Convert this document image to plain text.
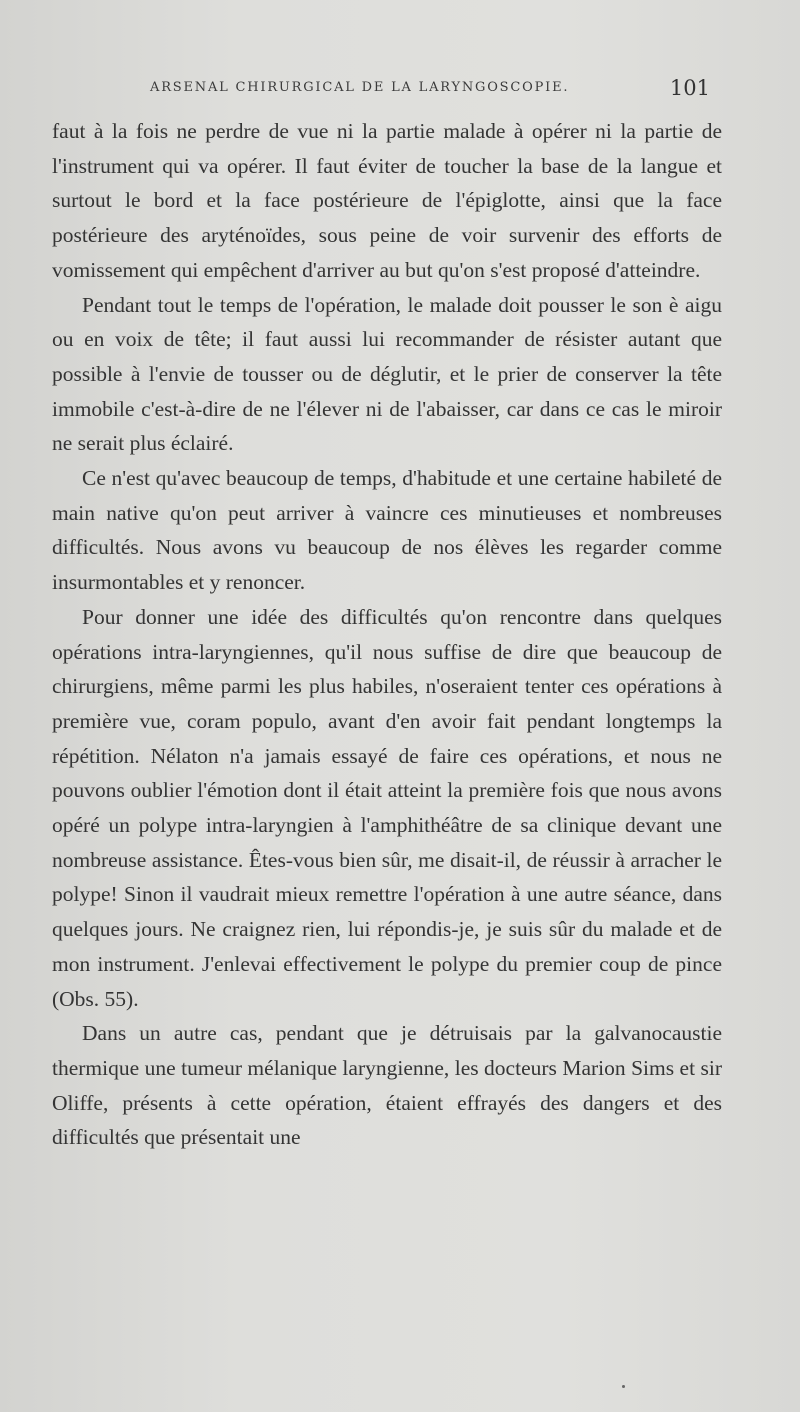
ARSENAL CHIRURGICAL DE LA LARYNGOSCOPIE.	101

faut à la fois ne perdre de vue ni la partie malade à opérer ni la partie de l'instrument qui va opérer. Il faut éviter de toucher la base de la langue et surtout le bord et la face postérieure de l'épiglotte, ainsi que la face postérieure des aryténoïdes, sous peine de voir survenir des efforts de vomissement qui empêchent d'arriver au but qu'on s'est proposé d'atteindre.

Pendant tout le temps de l'opération, le malade doit pousser le son è aigu ou en voix de tête; il faut aussi lui recommander de résister autant que possible à l'envie de tousser ou de déglutir, et le prier de conserver la tête immobile c'est-à-dire de ne l'élever ni de l'abaisser, car dans ce cas le miroir ne serait plus éclairé.

Ce n'est qu'avec beaucoup de temps, d'habitude et une certaine habileté de main native qu'on peut arriver à vaincre ces minutieuses et nombreuses difficultés. Nous avons vu beaucoup de nos élèves les regarder comme insurmontables et y renoncer.

Pour donner une idée des difficultés qu'on rencontre dans quelques opérations intra-laryngiennes, qu'il nous suffise de dire que beaucoup de chirurgiens, même parmi les plus habiles, n'oseraient tenter ces opérations à première vue, coram populo, avant d'en avoir fait pendant longtemps la répétition. Nélaton n'a jamais essayé de faire ces opérations, et nous ne pouvons oublier l'émotion dont il était atteint la première fois que nous avons opéré un polype intra-laryngien à l'amphithéâtre de sa clinique devant une nombreuse assistance. Êtes-vous bien sûr, me disait-il, de réussir à arracher le polype! Sinon il vaudrait mieux remettre l'opération à une autre séance, dans quelques jours. Ne craignez rien, lui répondis-je, je suis sûr du malade et de mon instrument. J'enlevai effectivement le polype du premier coup de pince (Obs. 55).

Dans un autre cas, pendant que je détruisais par la galvanocaustie thermique une tumeur mélanique laryngienne, les docteurs Marion Sims et sir Oliffe, présents à cette opération, étaient effrayés des dangers et des difficultés que présentait une
